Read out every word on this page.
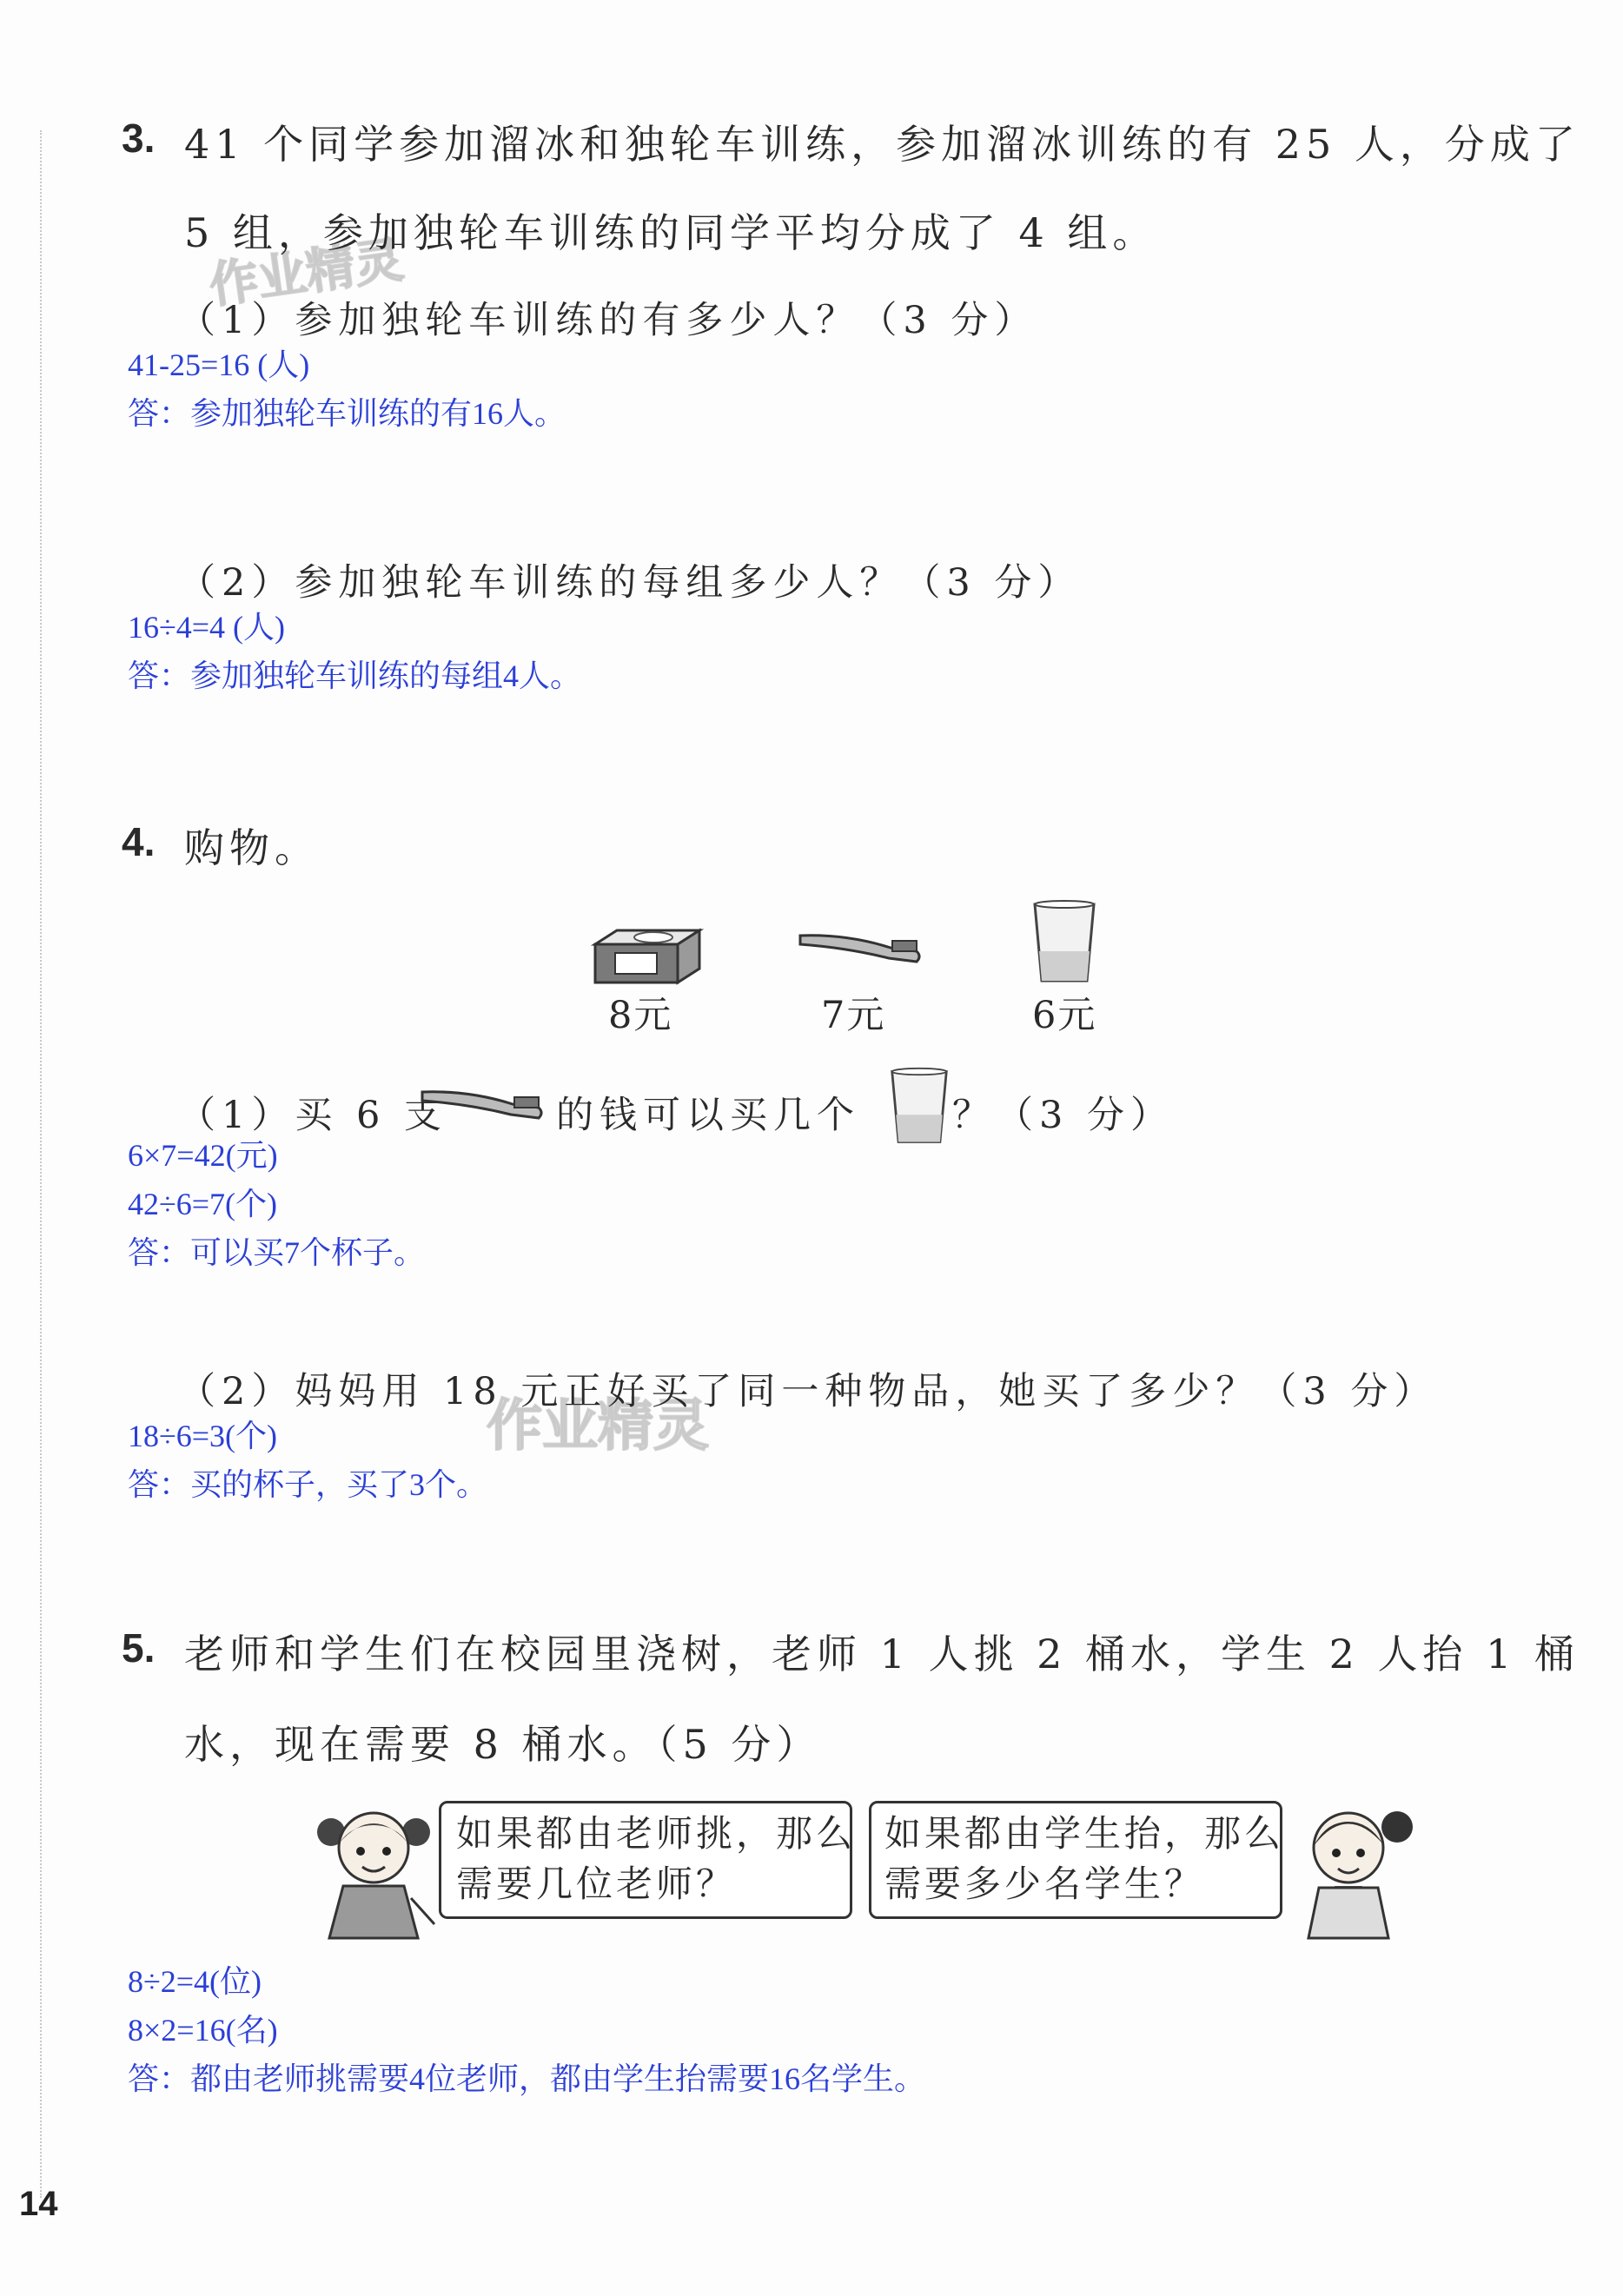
作业精灵
作业精灵
3. 41 个同学参加溜冰和独轮车训练，参加溜冰训练的有 25 人，分成了
5 组，参加独轮车训练的同学平均分成了 4 组。
（1）参加独轮车训练的有多少人？（3 分）
41-25=16 (人)
答：参加独轮车训练的有16人。
（2）参加独轮车训练的每组多少人？（3 分）
16÷4=4 (人)
答：参加独轮车训练的每组4人。
4. 购物。
8元	7元	6元
（1）买 6 支	的钱可以买几个 ？（3 分）
6×7=42(元)
42÷6=7(个)
答：可以买7个杯子。
（2）妈妈用 18 元正好买了同一种物品，她买了多少？（3 分）
18÷6=3(个)
答：买的杯子，买了3个。
5. 老师和学生们在校园里浇树，老师 1 人挑 2 桶水，学生 2 人抬 1 桶
水，现在需要 8 桶水。（5 分）
如果都由老师挑，那么
需要几位老师？
如果都由学生抬，那么
需要多少名学生？
8÷2=4(位)
8×2=16(名)
答：都由老师挑需要4位老师，都由学生抬需要16名学生。
14
